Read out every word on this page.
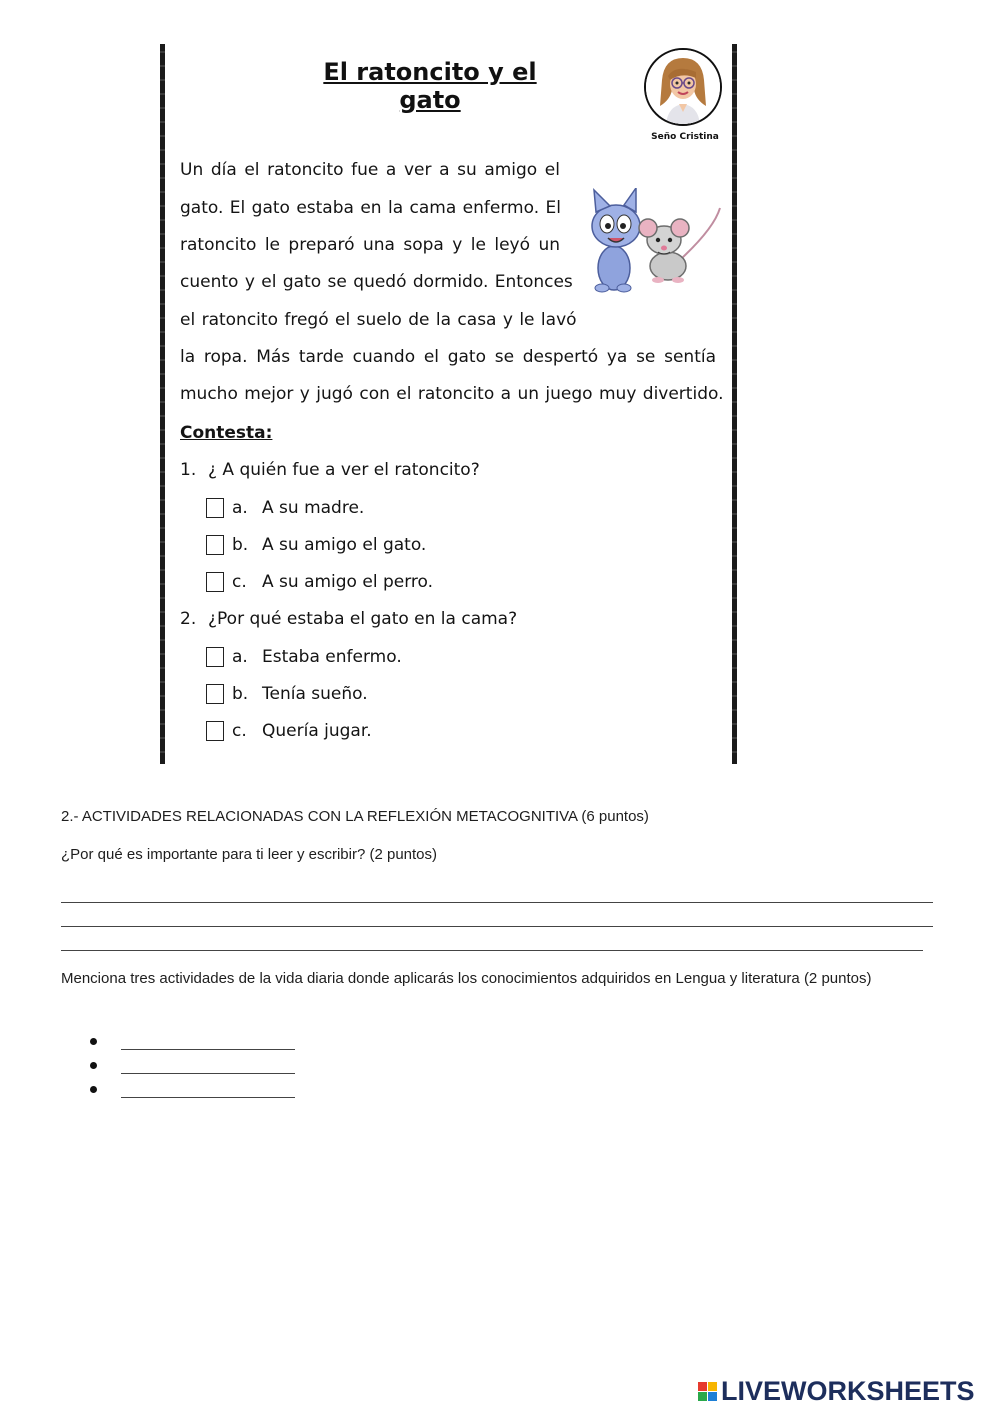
El ratoncito y el gato
Seño Cristina
Un día el ratoncito fue a ver a su amigo el
gato. El gato estaba en la cama enfermo. El
ratoncito le preparó una sopa y le leyó un
cuento y el gato se quedó dormido. Entonces
el ratoncito fregó el suelo de la casa y le lavó
la ropa. Más tarde cuando el gato se despertó ya se sentía
mucho mejor y jugó con el ratoncito a un juego muy divertido.
Contesta:
1. ¿ A quién fue a ver el ratoncito?
a. A su madre.
b. A su amigo el gato.
c. A su amigo el perro.
2. ¿Por qué estaba el gato en la cama?
a. Estaba enfermo.
b. Tenía sueño.
c. Quería jugar.
2.- ACTIVIDADES RELACIONADAS CON LA REFLEXIÓN METACOGNITIVA (6 puntos)
¿Por qué es importante para ti leer y escribir? (2 puntos)
Menciona tres actividades de la vida diaria donde aplicarás los conocimientos adquiridos en Lengua y literatura (2 puntos)
LIVEWORKSHEETS
